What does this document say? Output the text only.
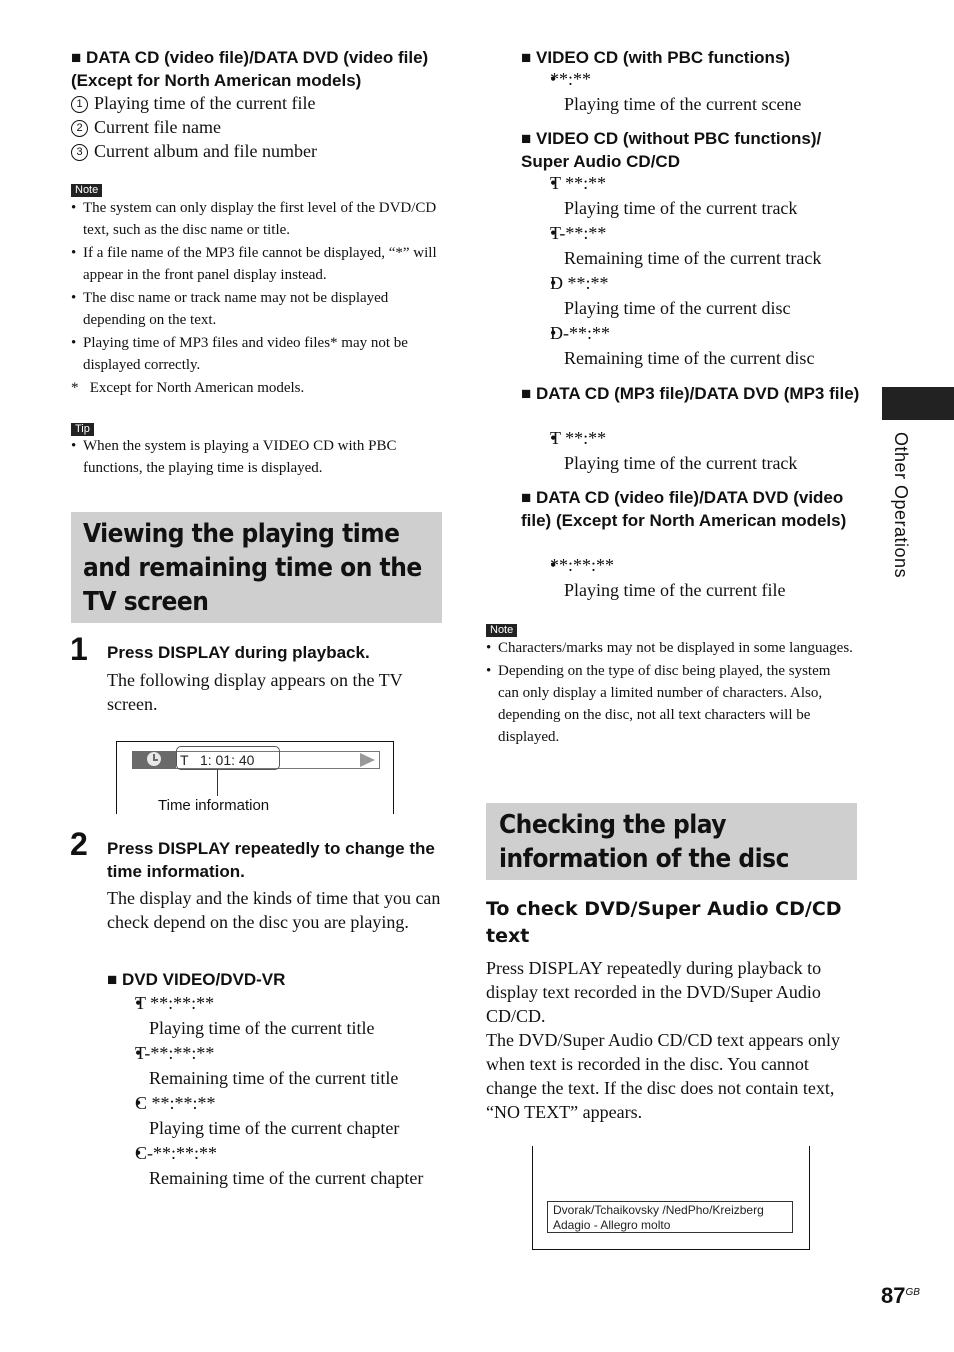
■ DATA CD (video file)/DATA DVD (video file) (Except for North American models)
1 Playing time of the current file
2 Current file name
3 Current album and file number
Note
• The system can only display the first level of the DVD/CD text, such as the disc name or title.
• If a file name of the MP3 file cannot be displayed, “*” will appear in the front panel display instead.
• The disc name or track name may not be displayed depending on the text.
• Playing time of MP3 files and video files* may not be displayed correctly.
* Except for North American models.
Tip
• When the system is playing a VIDEO CD with PBC functions, the playing time is displayed.
Viewing the playing time and remaining time on the TV screen
1 Press DISPLAY during playback.
The following display appears on the TV screen.
T   1: 01: 40
Time information
2 Press DISPLAY repeatedly to change the time information.
The display and the kinds of time that you can check depend on the disc you are playing.
■ DVD VIDEO/DVD-VR
• T **:**:**
Playing time of the current title
• T-**:**:**
Remaining time of the current title
• C **:**:**
Playing time of the current chapter
• C-**:**:**
Remaining time of the current chapter
■ VIDEO CD (with PBC functions)
• **:**
Playing time of the current scene
■ VIDEO CD (without PBC functions)/ Super Audio CD/CD
• T **:**
Playing time of the current track
• T-**:**
Remaining time of the current track
• D **:**
Playing time of the current disc
• D-**:**
Remaining time of the current disc
■ DATA CD (MP3 file)/DATA DVD (MP3 file)
• T **:**
Playing time of the current track
■ DATA CD (video file)/DATA DVD (video file) (Except for North American models)
• **:**:**
Playing time of the current file
Note
• Characters/marks may not be displayed in some languages.
• Depending on the type of disc being played, the system can only display a limited number of characters. Also, depending on the disc, not all text characters will be displayed.
Checking the play information of the disc
To check DVD/Super Audio CD/CD text
Press DISPLAY repeatedly during playback to display text recorded in the DVD/Super Audio CD/CD.
The DVD/Super Audio CD/CD text appears only when text is recorded in the disc. You cannot change the text. If the disc does not contain text, “NO TEXT” appears.
Dvorak/Tchaikovsky /NedPho/Kreizberg
Adagio - Allegro molto
Other Operations
$87^{GB}$
